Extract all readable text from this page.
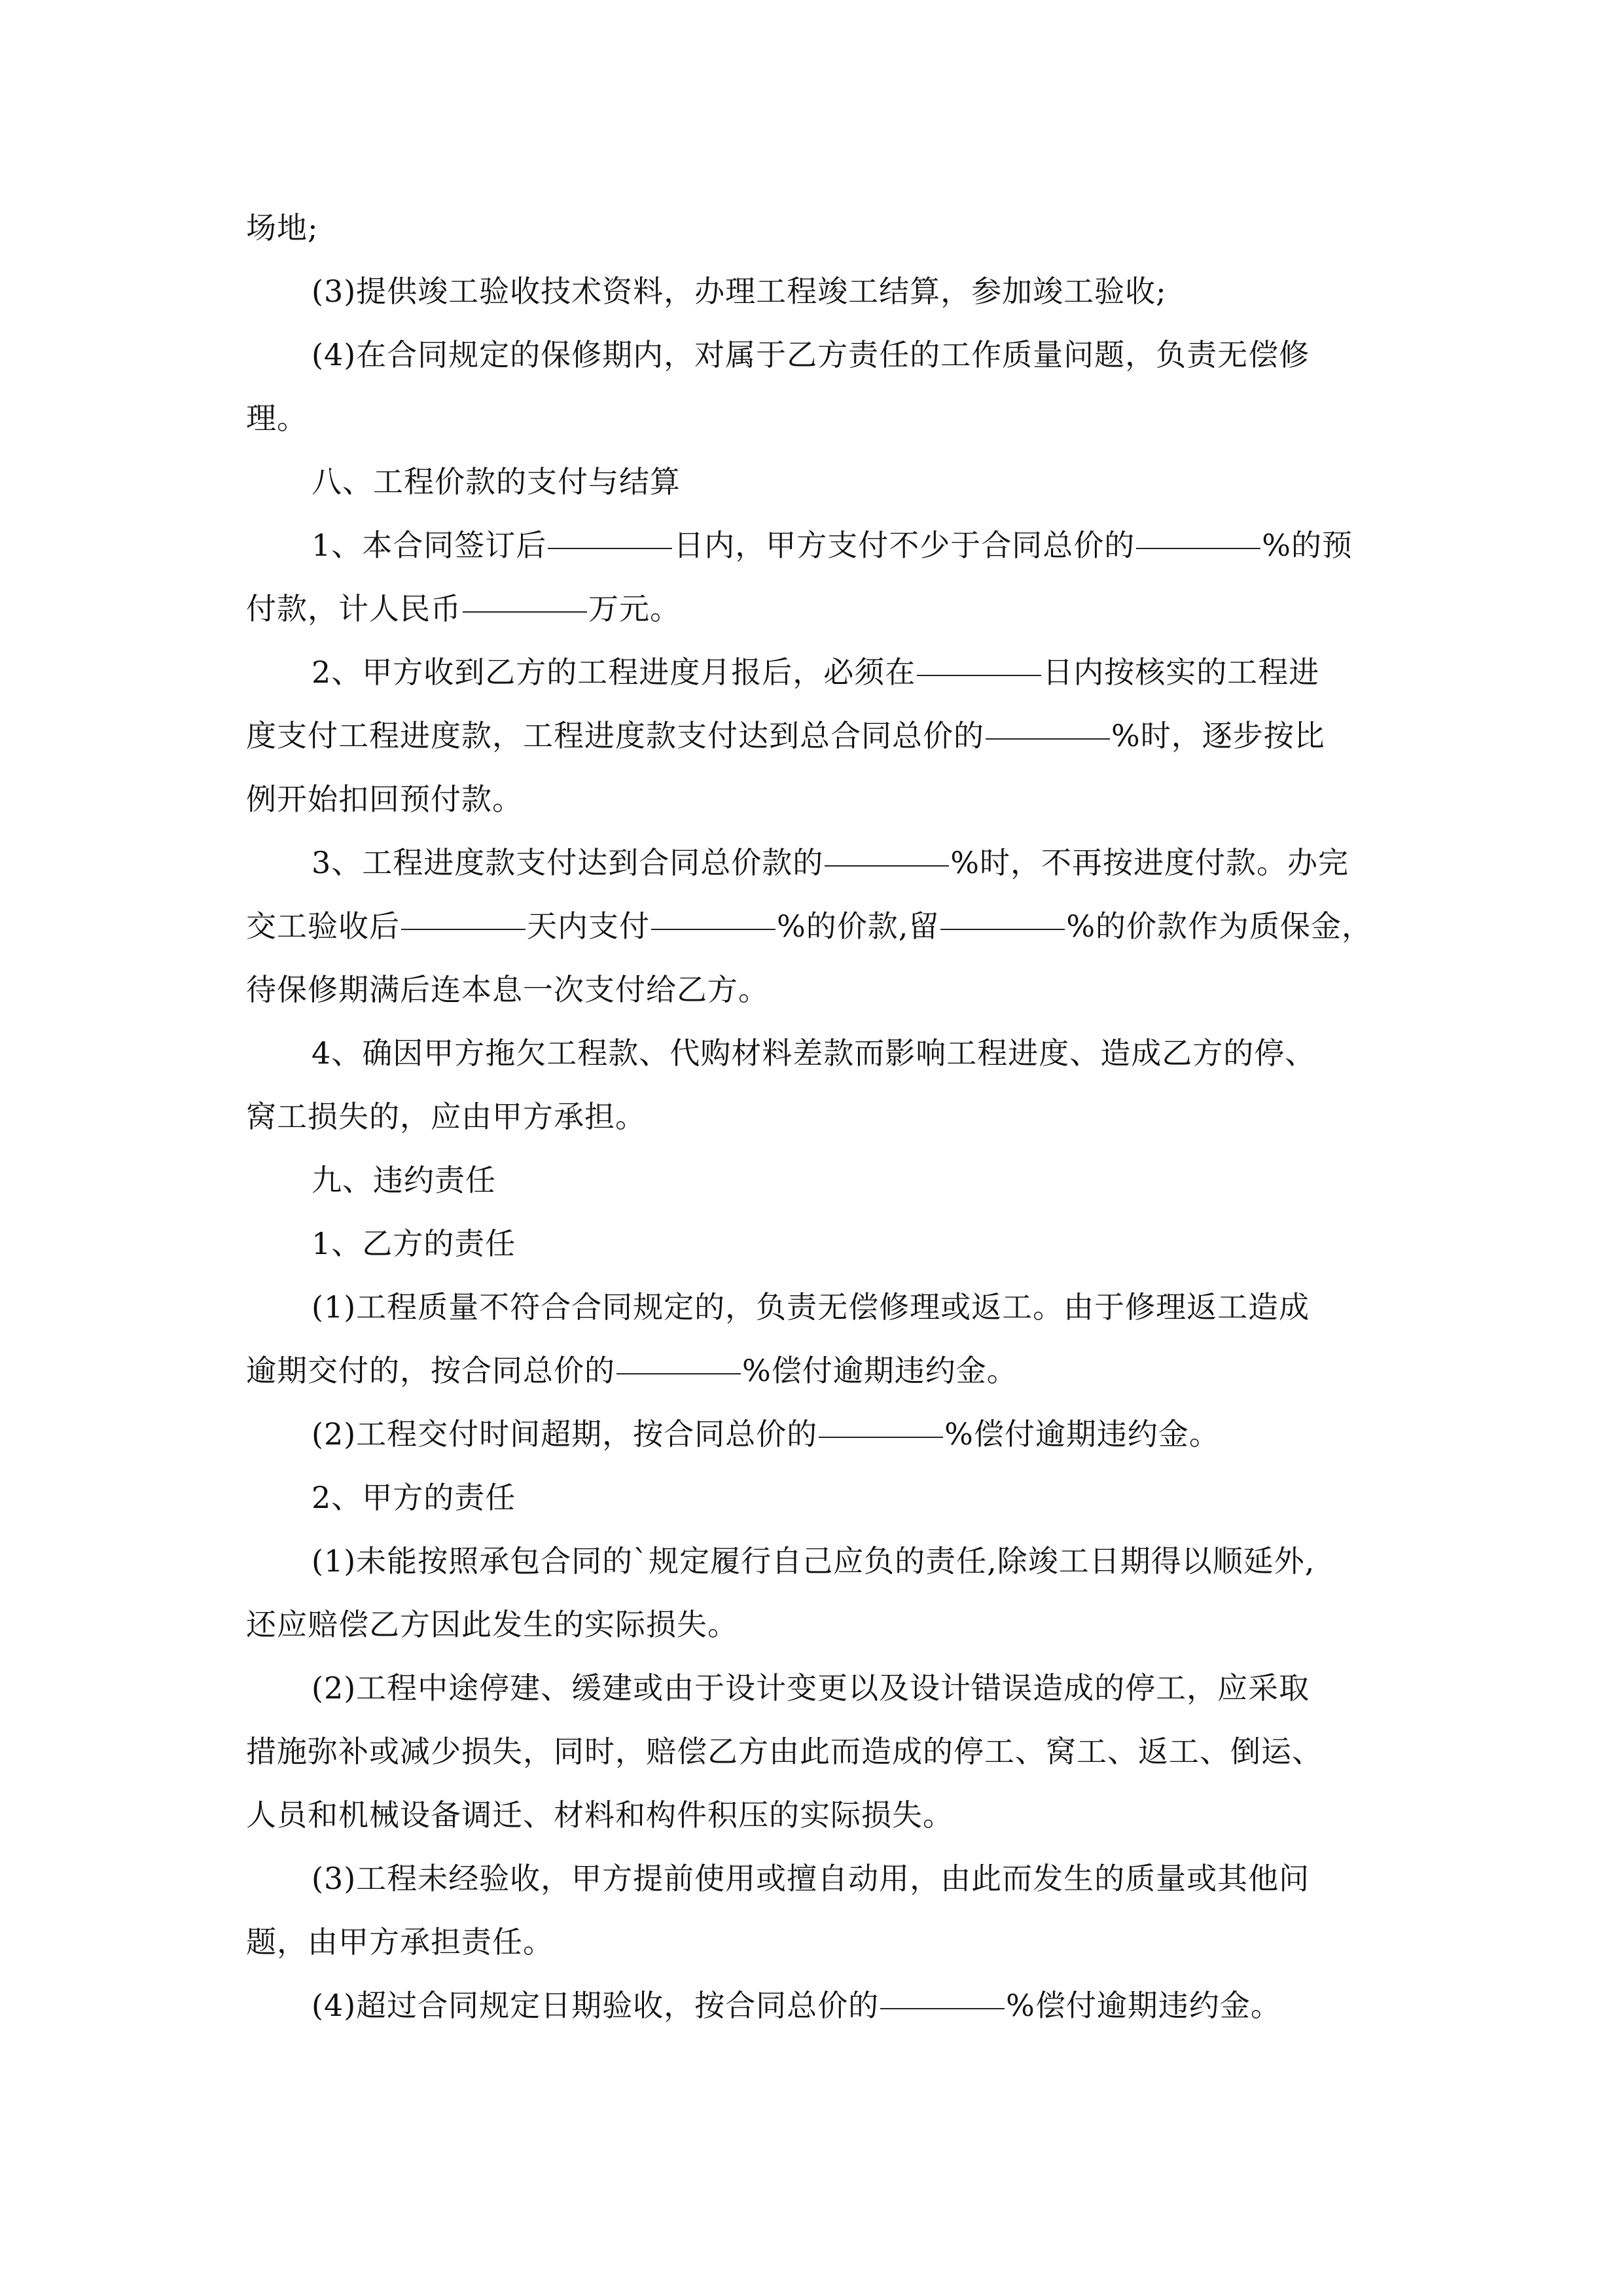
场地;
(3)提供竣工验收技术资料，办理工程竣工结算，参加竣工验收;
(4)在合同规定的保修期内，对属于乙方责任的工作质量问题，负责无偿修
理。
八、工程价款的支付与结算
1、本合同签订后	日内，甲方支付不少于合同总价的	%的预
付款，计人民币	万元。
2、甲方收到乙方的工程进度月报后，必须在	日内按核实的工程进
度支付工程进度款，工程进度款支付达到总合同总价的	%时，逐步按比
例开始扣回预付款。
3、工程进度款支付达到合同总价款的	%时，不再按进度付款。办完
交工验收后	天内支付	%的价款,留	%的价款作为质保金，
待保修期满后连本息一次支付给乙方。
4、确因甲方拖欠工程款、代购材料差款而影响工程进度、造成乙方的停、
窝工损失的，应由甲方承担。
九、违约责任
1、乙方的责任
(1)工程质量不符合合同规定的，负责无偿修理或返工。由于修理返工造成
逾期交付的，按合同总价的	%偿付逾期违约金。
(2)工程交付时间超期，按合同总价的	%偿付逾期违约金。
2、甲方的责任
(1)未能按照承包合同的`规定履行自己应负的责任,除竣工日期得以顺延外,
还应赔偿乙方因此发生的实际损失。
(2)工程中途停建、缓建或由于设计变更以及设计错误造成的停工，应采取
措施弥补或减少损失，同时，赔偿乙方由此而造成的停工、窝工、返工、倒运、
人员和机械设备调迁、材料和构件积压的实际损失。
(3)工程未经验收，甲方提前使用或擅自动用，由此而发生的质量或其他问
题，由甲方承担责任。
(4)超过合同规定日期验收，按合同总价的	%偿付逾期违约金。
